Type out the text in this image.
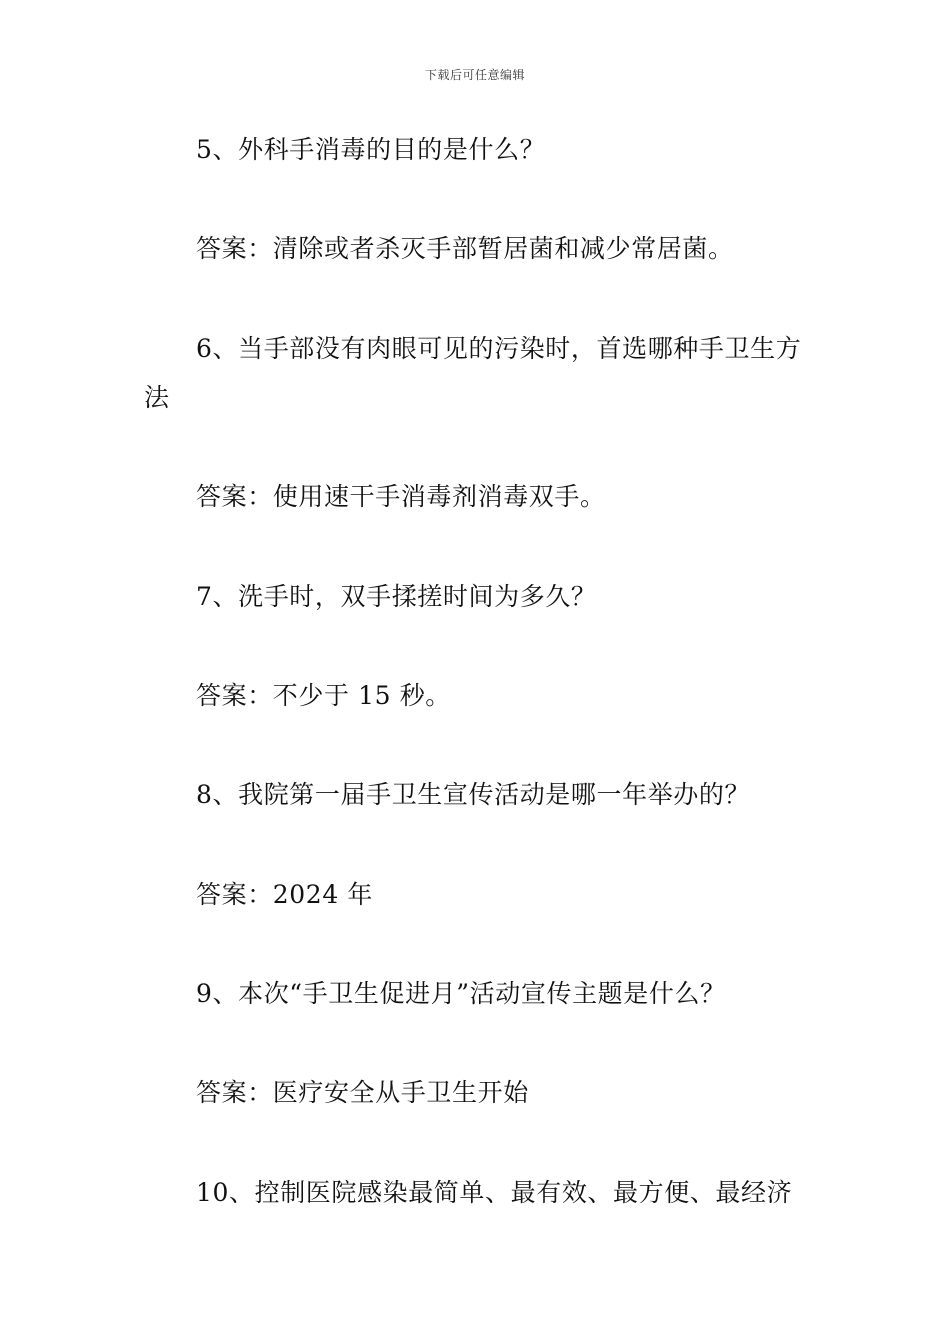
下载后可任意编辑
5、外科手消毒的目的是什么？
答案：清除或者杀灭手部暂居菌和减少常居菌。
6、当手部没有肉眼可见的污染时，首选哪种手卫生方
法
答案：使用速干手消毒剂消毒双手。
7、洗手时，双手揉搓时间为多久？
答案：不少于 15 秒。
8、我院第一届手卫生宣传活动是哪一年举办的？
答案：2024 年
9、本次“手卫生促进月”活动宣传主题是什么？
答案：医疗安全从手卫生开始
10、控制医院感染最简单、最有效、最方便、最经济
